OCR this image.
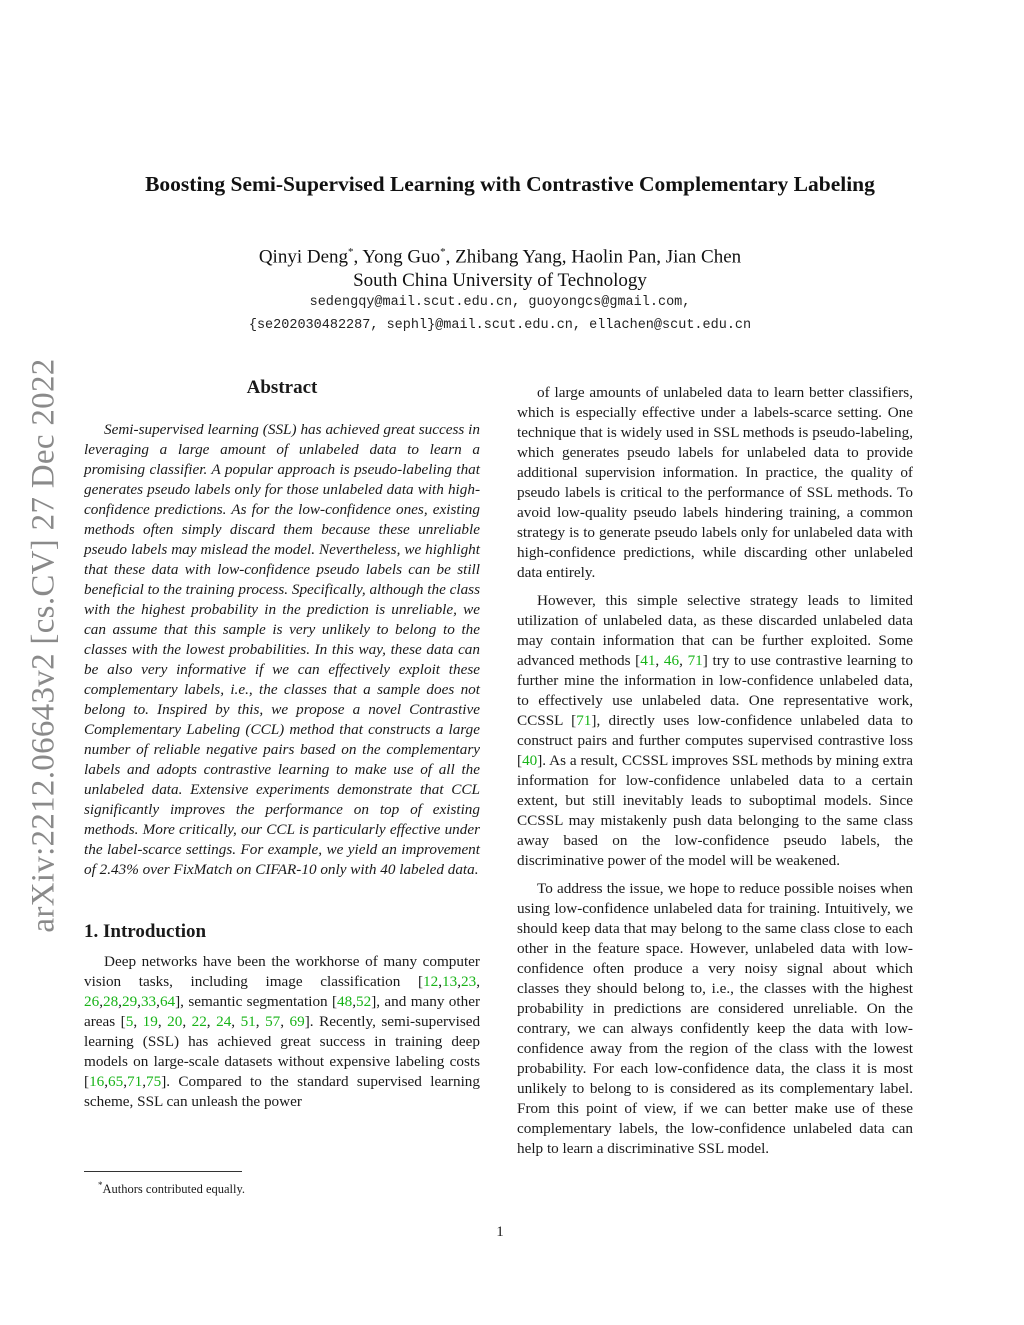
arXiv:2212.06643v2 [cs.CV] 27 Dec 2022
Boosting Semi-Supervised Learning with Contrastive Complementary Labeling
Qinyi Deng*, Yong Guo*, Zhibang Yang, Haolin Pan, Jian Chen
South China University of Technology
sedengqy@mail.scut.edu.cn, guoyongcs@gmail.com,
{se202030482287, sephl}@mail.scut.edu.cn, ellachen@scut.edu.cn
Abstract

Semi-supervised learning (SSL) has achieved great success in leveraging a large amount of unlabeled data to learn a promising classifier. A popular approach is pseudo-labeling that generates pseudo labels only for those unlabeled data with high-confidence predictions. As for the low-confidence ones, existing methods often simply discard them because these unreliable pseudo labels may mislead the model. Nevertheless, we highlight that these data with low-confidence pseudo labels can be still beneficial to the training process. Specifically, although the class with the highest probability in the prediction is unreliable, we can assume that this sample is very unlikely to belong to the classes with the lowest probabilities. In this way, these data can be also very informative if we can effectively exploit these complementary labels, i.e., the classes that a sample does not belong to. Inspired by this, we propose a novel Contrastive Complementary Labeling (CCL) method that constructs a large number of reliable negative pairs based on the complementary labels and adopts contrastive learning to make use of all the unlabeled data. Extensive experiments demonstrate that CCL significantly improves the performance on top of existing methods. More critically, our CCL is particularly effective under the label-scarce settings. For example, we yield an improvement of 2.43% over FixMatch on CIFAR-10 only with 40 labeled data.

1. Introduction

Deep networks have been the workhorse of many computer vision tasks, including image classification [12,13,23, 26,28,29,33,64], semantic segmentation [48,52], and many other areas [5, 19, 20, 22, 24, 51, 57, 69]. Recently, semi-supervised learning (SSL) has achieved great success in training deep models on large-scale datasets without expensive labeling costs [16,65,71,75]. Compared to the standard supervised learning scheme, SSL can unleash the power

of large amounts of unlabeled data to learn better classifiers, which is especially effective under a labels-scarce setting. One technique that is widely used in SSL methods is pseudo-labeling, which generates pseudo labels for unlabeled data to provide additional supervision information. In practice, the quality of pseudo labels is critical to the performance of SSL methods. To avoid low-quality pseudo labels hindering training, a common strategy is to generate pseudo labels only for unlabeled data with high-confidence predictions, while discarding other unlabeled data entirely.

However, this simple selective strategy leads to limited utilization of unlabeled data, as these discarded unlabeled data may contain information that can be further exploited. Some advanced methods [41, 46, 71] try to use contrastive learning to further mine the information in low-confidence unlabeled data, to effectively use unlabeled data. One representative work, CCSSL [71], directly uses low-confidence unlabeled data to construct pairs and further computes supervised contrastive loss [40]. As a result, CCSSL improves SSL methods by mining extra information for low-confidence unlabeled data to a certain extent, but still inevitably leads to suboptimal models. Since CCSSL may mistakenly push data belonging to the same class away based on the low-confidence pseudo labels, the discriminative power of the model will be weakened.

To address the issue, we hope to reduce possible noises when using low-confidence unlabeled data for training. Intuitively, we should keep data that may belong to the same class close to each other in the feature space. However, unlabeled data with low-confidence often produce a very noisy signal about which classes they should belong to, i.e., the classes with the highest probability in predictions are considered unreliable. On the contrary, we can always confidently keep the data with low-confidence away from the region of the class with the lowest probability. For each low-confidence data, the class it is most unlikely to belong to is considered as its complementary label. From this point of view, if we can better make use of these complementary labels, the low-confidence unlabeled data can help to learn a discriminative SSL model.

*Authors contributed equally.
1
